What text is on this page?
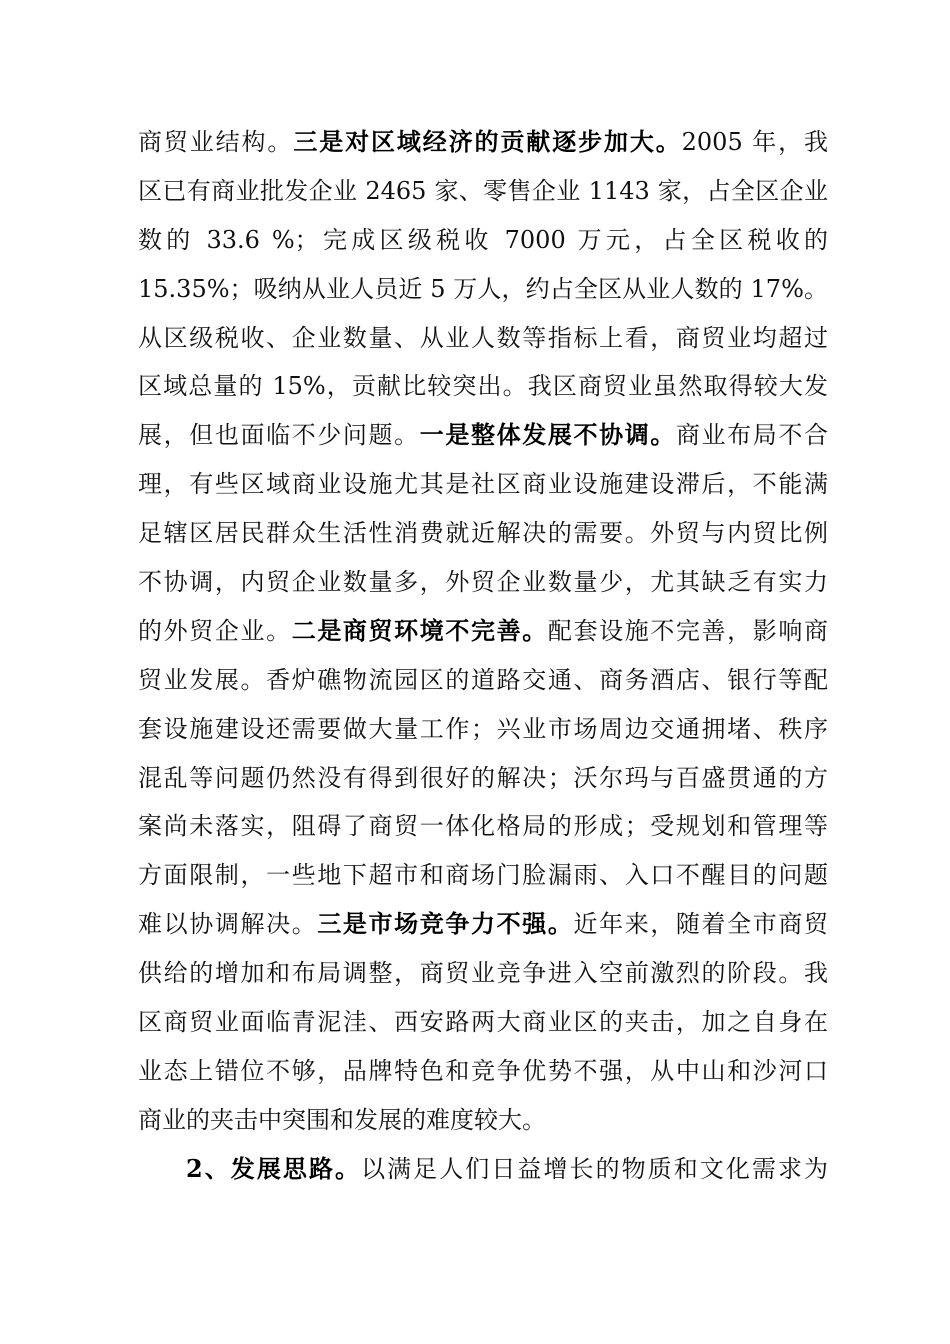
商贸业结构。三是对区域经济的贡献逐步加大。2005 年，我
区已有商业批发企业 2465 家、零售企业 1143 家，占全区企业
数的 33.6 %；完成区级税收 7000 万元，占全区税收的
15.35%；吸纳从业人员近 5 万人，约占全区从业人数的 17%。
从区级税收、企业数量、从业人数等指标上看，商贸业均超过
区域总量的 15%，贡献比较突出。我区商贸业虽然取得较大发
展，但也面临不少问题。一是整体发展不协调。商业布局不合
理，有些区域商业设施尤其是社区商业设施建设滞后，不能满
足辖区居民群众生活性消费就近解决的需要。外贸与内贸比例
不协调，内贸企业数量多，外贸企业数量少，尤其缺乏有实力
的外贸企业。二是商贸环境不完善。配套设施不完善，影响商
贸业发展。香炉礁物流园区的道路交通、商务酒店、银行等配
套设施建设还需要做大量工作；兴业市场周边交通拥堵、秩序
混乱等问题仍然没有得到很好的解决；沃尔玛与百盛贯通的方
案尚未落实，阻碍了商贸一体化格局的形成；受规划和管理等
方面限制，一些地下超市和商场门脸漏雨、入口不醒目的问题
难以协调解决。三是市场竞争力不强。近年来，随着全市商贸
供给的增加和布局调整，商贸业竞争进入空前激烈的阶段。我
区商贸业面临青泥洼、西安路两大商业区的夹击，加之自身在
业态上错位不够，品牌特色和竞争优势不强，从中山和沙河口
商业的夹击中突围和发展的难度较大。
2、发展思路。以满足人们日益增长的物质和文化需求为
